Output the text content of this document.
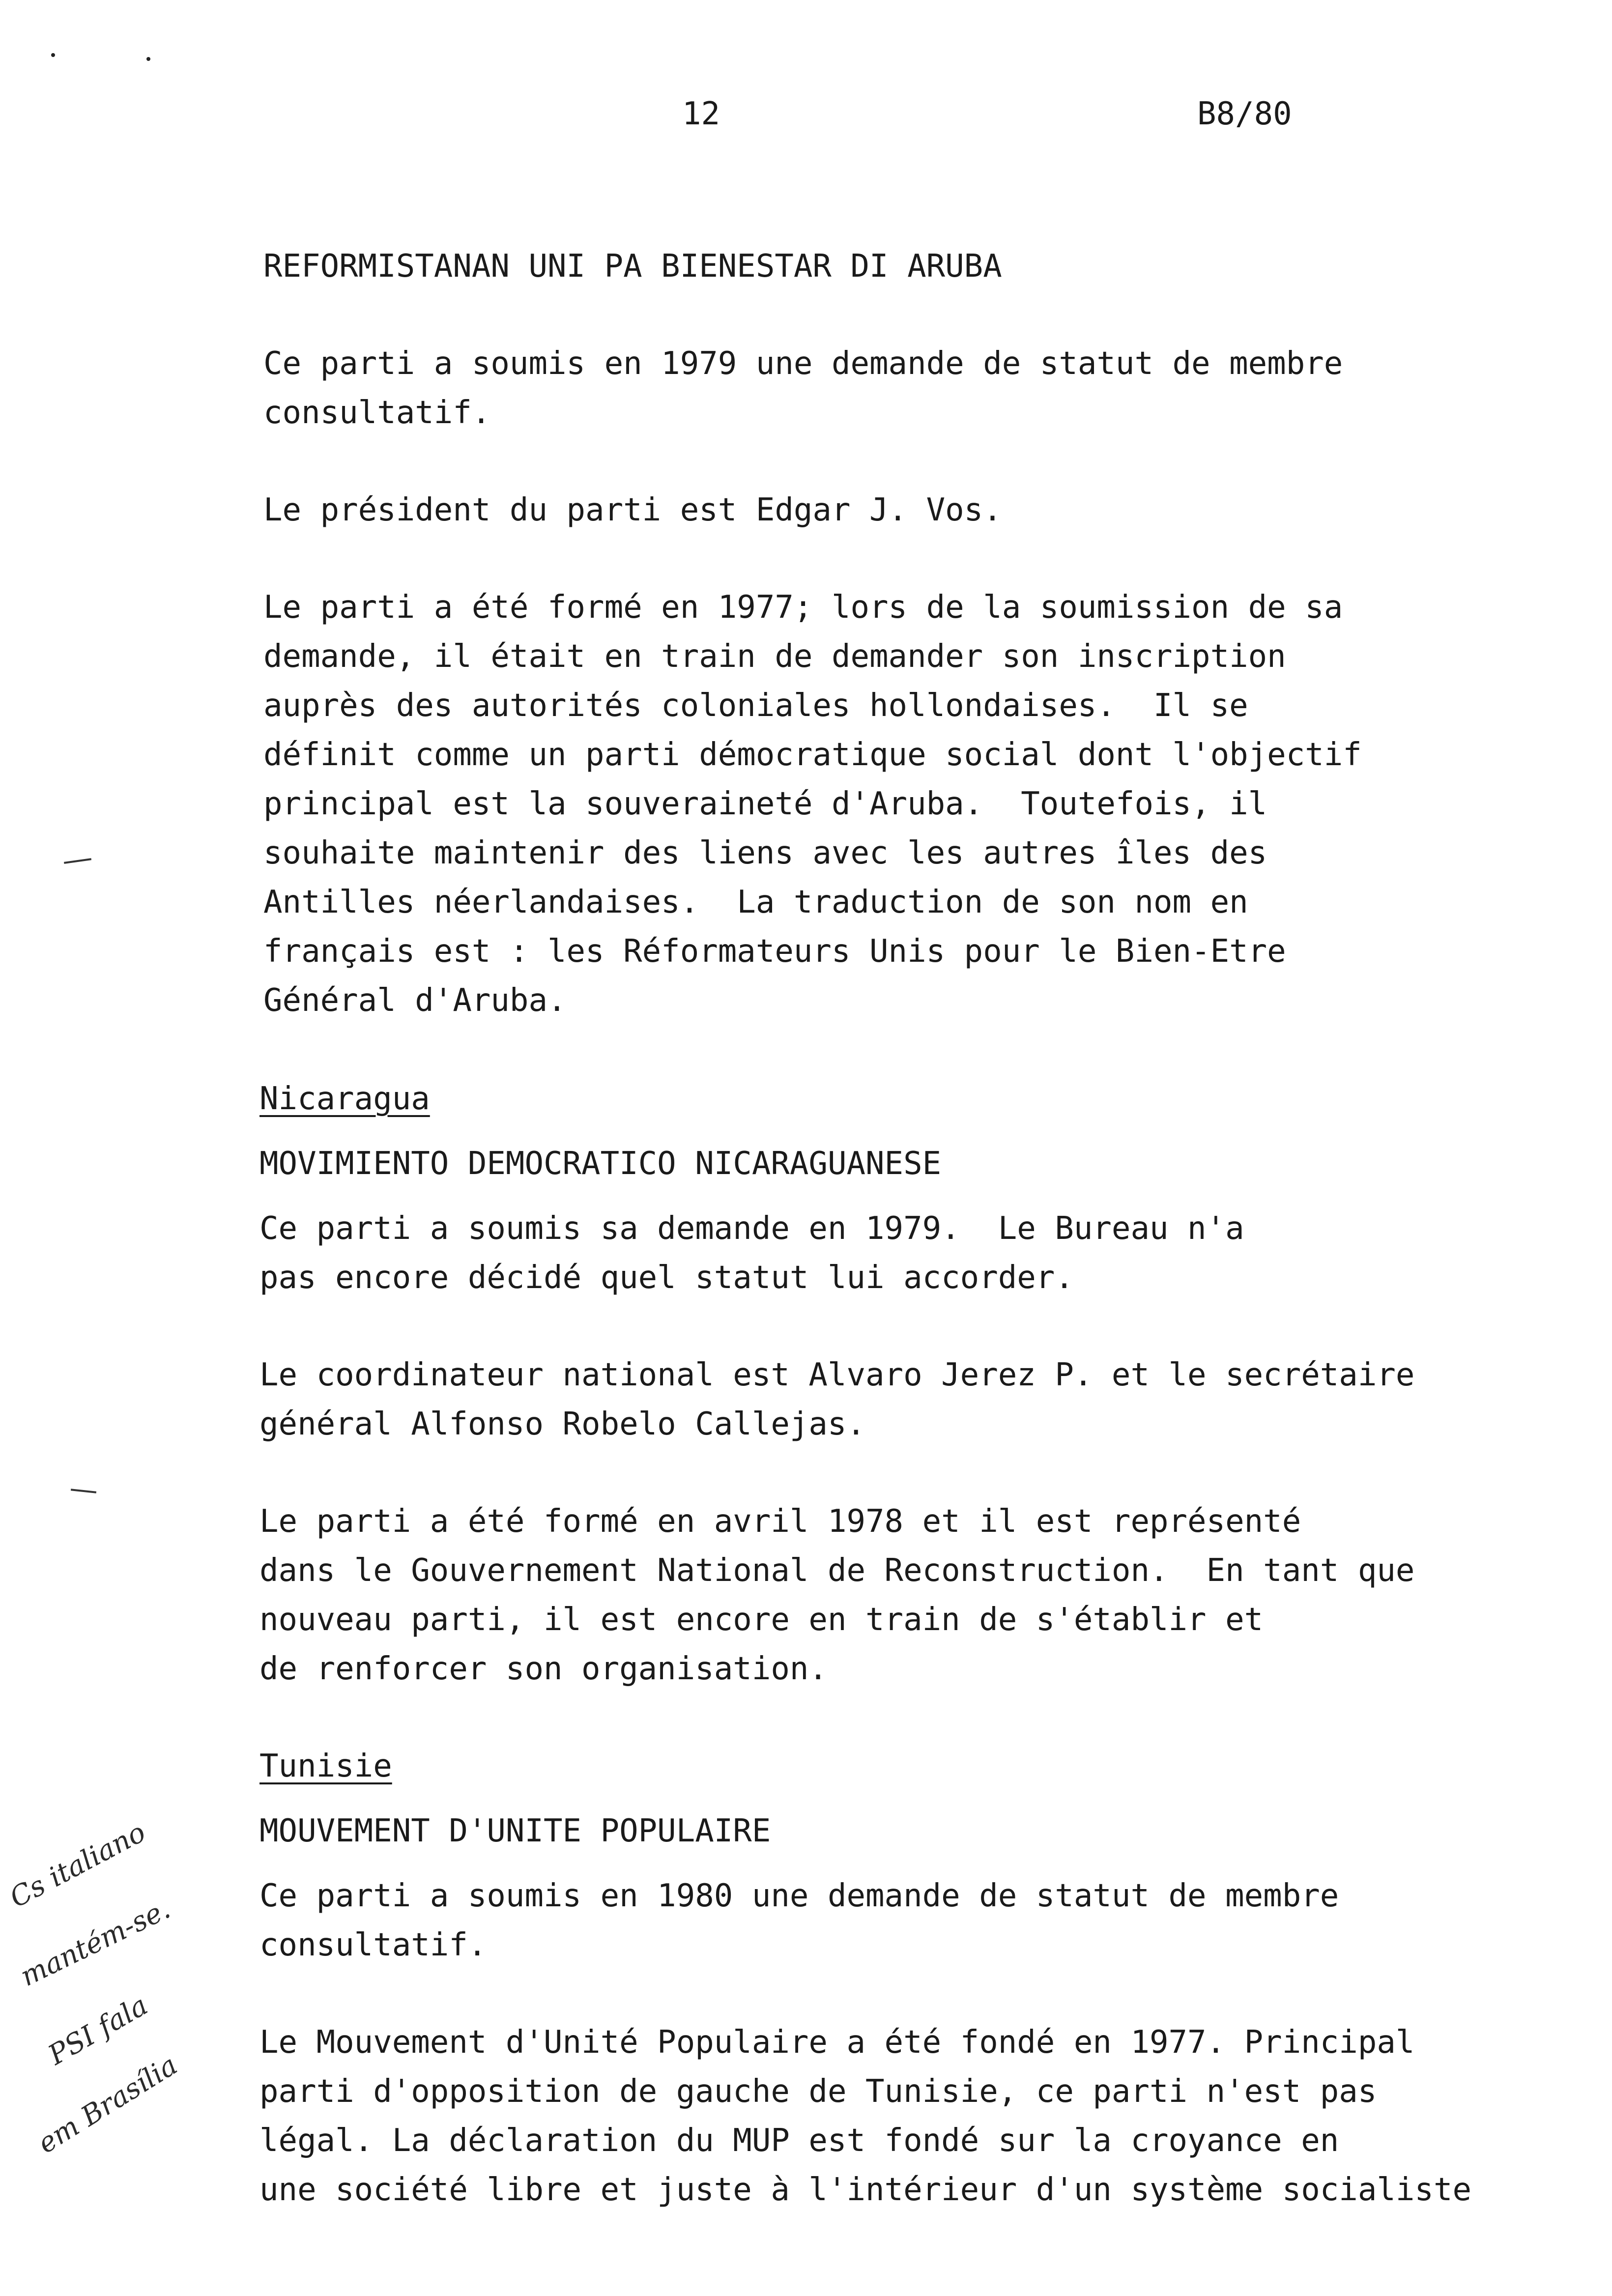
12	B8/80
REFORMISTANAN UNI PA BIENESTAR DI ARUBA
Ce parti a soumis en 1979 une demande de statut de membre
consultatif.
Le président du parti est Edgar J. Vos.
Le parti a été formé en 1977; lors de la soumission de sa
demande, il était en train de demander son inscription
auprès des autorités coloniales hollondaises.  Il se
définit comme un parti démocratique social dont l'objectif
principal est la souveraineté d'Aruba.  Toutefois, il
souhaite maintenir des liens avec les autres îles des
Antilles néerlandaises.  La traduction de son nom en
français est : les Réformateurs Unis pour le Bien-Etre
Général d'Aruba.
Nicaragua
MOVIMIENTO DEMOCRATICO NICARAGUANESE
Ce parti a soumis sa demande en 1979.  Le Bureau n'a
pas encore décidé quel statut lui accorder.
Le coordinateur national est Alvaro Jerez P. et le secrétaire
général Alfonso Robelo Callejas.
Le parti a été formé en avril 1978 et il est représenté
dans le Gouvernement National de Reconstruction.  En tant que
nouveau parti, il est encore en train de s'établir et
de renforcer son organisation.
Tunisie
MOUVEMENT D'UNITE POPULAIRE
Ce parti a soumis en 1980 une demande de statut de membre
consultatif.
Le Mouvement d'Unité Populaire a été fondé en 1977. Principal
parti d'opposition de gauche de Tunisie, ce parti n'est pas
légal. La déclaration du MUP est fondé sur la croyance en
une société libre et juste à l'intérieur d'un système socialiste
Cs italiano
mantém-se.
PSI fala
em Brasília
